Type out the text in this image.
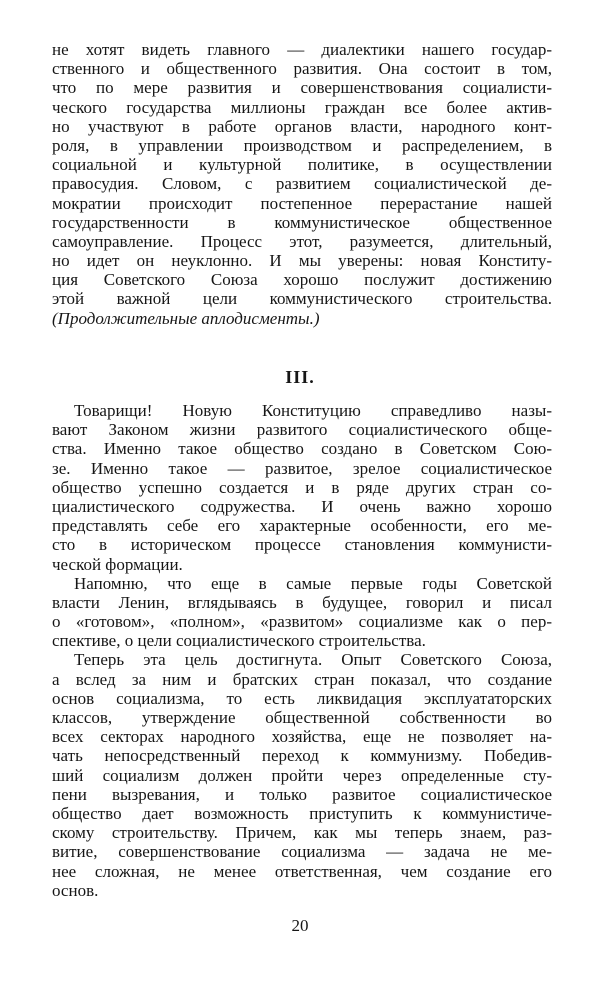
не хотят видеть главного — диалектики нашего государ-
ственного и общественного развития. Она состоит в том,
что по мере развития и совершенствования социалисти-
ческого государства миллионы граждан все более актив-
но участвуют в работе органов власти, народного конт-
роля, в управлении производством и распределением, в
социальной и культурной политике, в осуществлении
правосудия. Словом, с развитием социалистической де-
мократии происходит постепенное перерастание нашей
государственности в коммунистическое общественное
самоуправление. Процесс этот, разумеется, длительный,
но идет он неуклонно. И мы уверены: новая Конститу-
ция Советского Союза хорошо послужит достижению
этой важной цели коммунистического строительства.
(Продолжительные аплодисменты.)
III.
Товарищи! Новую Конституцию справедливо назы-
вают Законом жизни развитого социалистического обще-
ства. Именно такое общество создано в Советском Сою-
зе. Именно такое — развитое, зрелое социалистическое
общество успешно создается и в ряде других стран со-
циалистического содружества. И очень важно хорошо
представлять себе его характерные особенности, его ме-
сто в историческом процессе становления коммунисти-
ческой формации.
Напомню, что еще в самые первые годы Советской
власти Ленин, вглядываясь в будущее, говорил и писал
о «готовом», «полном», «развитом» социализме как о пер-
спективе, о цели социалистического строительства.
Теперь эта цель достигнута. Опыт Советского Союза,
а вслед за ним и братских стран показал, что создание
основ социализма, то есть ликвидация эксплуататорских
классов, утверждение общественной собственности во
всех секторах народного хозяйства, еще не позволяет на-
чать непосредственный переход к коммунизму. Победив-
ший социализм должен пройти через определенные сту-
пени вызревания, и только развитое социалистическое
общество дает возможность приступить к коммунистиче-
скому строительству. Причем, как мы теперь знаем, раз-
витие, совершенствование социализма — задача не ме-
нее сложная, не менее ответственная, чем создание его
основ.
20
